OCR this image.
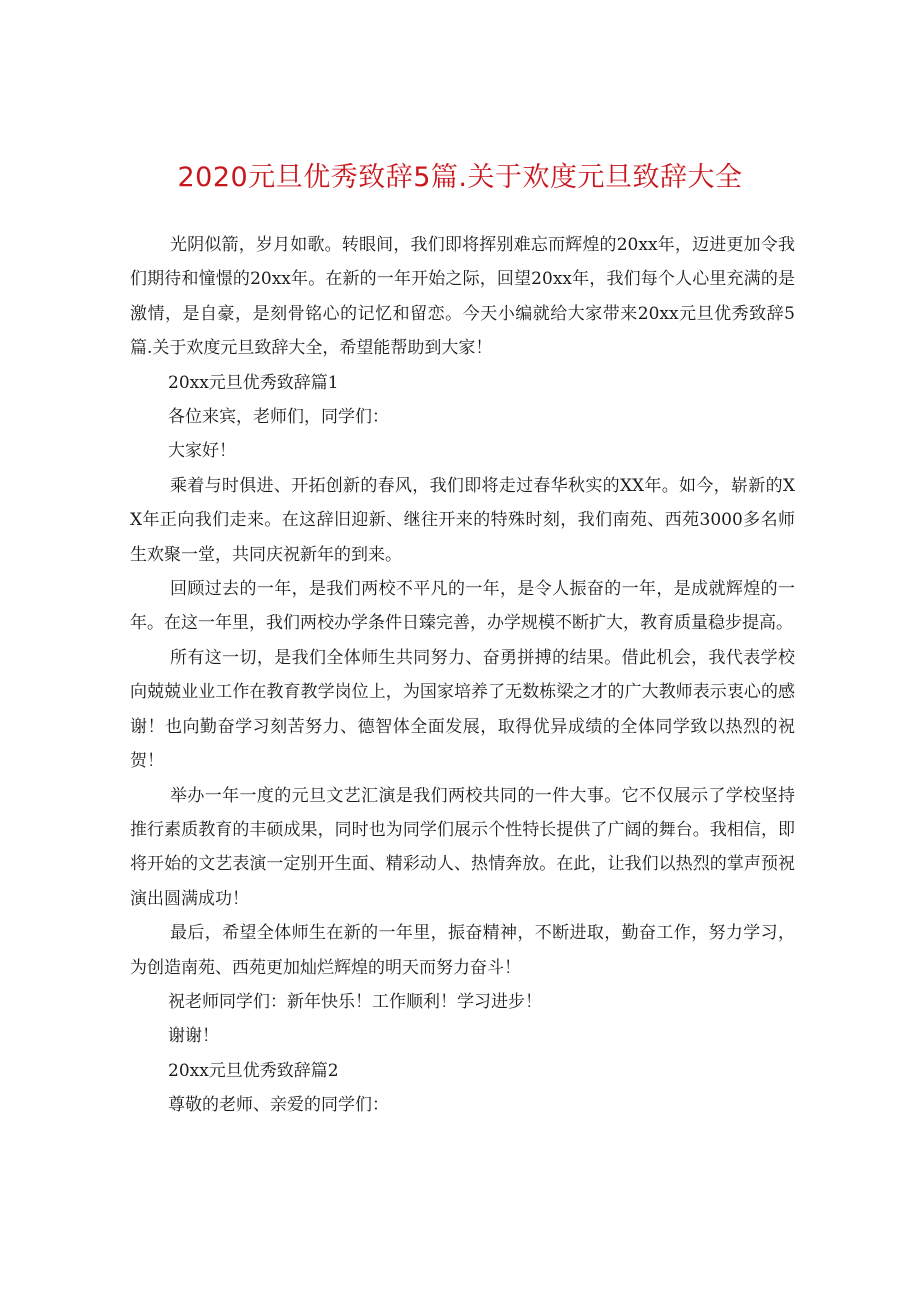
2020元旦优秀致辞5篇.关于欢度元旦致辞大全

光阴似箭，岁月如歌。转眼间，我们即将挥别难忘而辉煌的20xx年，迈进更加令我们期待和憧憬的20xx年。在新的一年开始之际，回望20xx年，我们每个人心里充满的是激情，是自豪，是刻骨铭心的记忆和留恋。今天小编就给大家带来20xx元旦优秀致辞5篇.关于欢度元旦致辞大全，希望能帮助到大家！

20xx元旦优秀致辞篇1

各位来宾，老师们，同学们：

大家好！

乘着与时俱进、开拓创新的春风，我们即将走过春华秋实的XX年。如今，崭新的XX年正向我们走来。在这辞旧迎新、继往开来的特殊时刻，我们南苑、西苑3000多名师生欢聚一堂，共同庆祝新年的到来。

回顾过去的一年，是我们两校不平凡的一年，是令人振奋的一年，是成就辉煌的一年。在这一年里，我们两校办学条件日臻完善，办学规模不断扩大，教育质量稳步提高。

所有这一切，是我们全体师生共同努力、奋勇拼搏的结果。借此机会，我代表学校向兢兢业业工作在教育教学岗位上，为国家培养了无数栋梁之才的广大教师表示衷心的感谢！也向勤奋学习刻苦努力、德智体全面发展，取得优异成绩的全体同学致以热烈的祝贺！

举办一年一度的元旦文艺汇演是我们两校共同的一件大事。它不仅展示了学校坚持推行素质教育的丰硕成果，同时也为同学们展示个性特长提供了广阔的舞台。我相信，即将开始的文艺表演一定别开生面、精彩动人、热情奔放。在此，让我们以热烈的掌声预祝演出圆满成功！

最后，希望全体师生在新的一年里，振奋精神，不断进取，勤奋工作，努力学习，为创造南苑、西苑更加灿烂辉煌的明天而努力奋斗！

祝老师同学们：新年快乐！工作顺利！学习进步！

谢谢！

20xx元旦优秀致辞篇2

尊敬的老师、亲爱的同学们：
